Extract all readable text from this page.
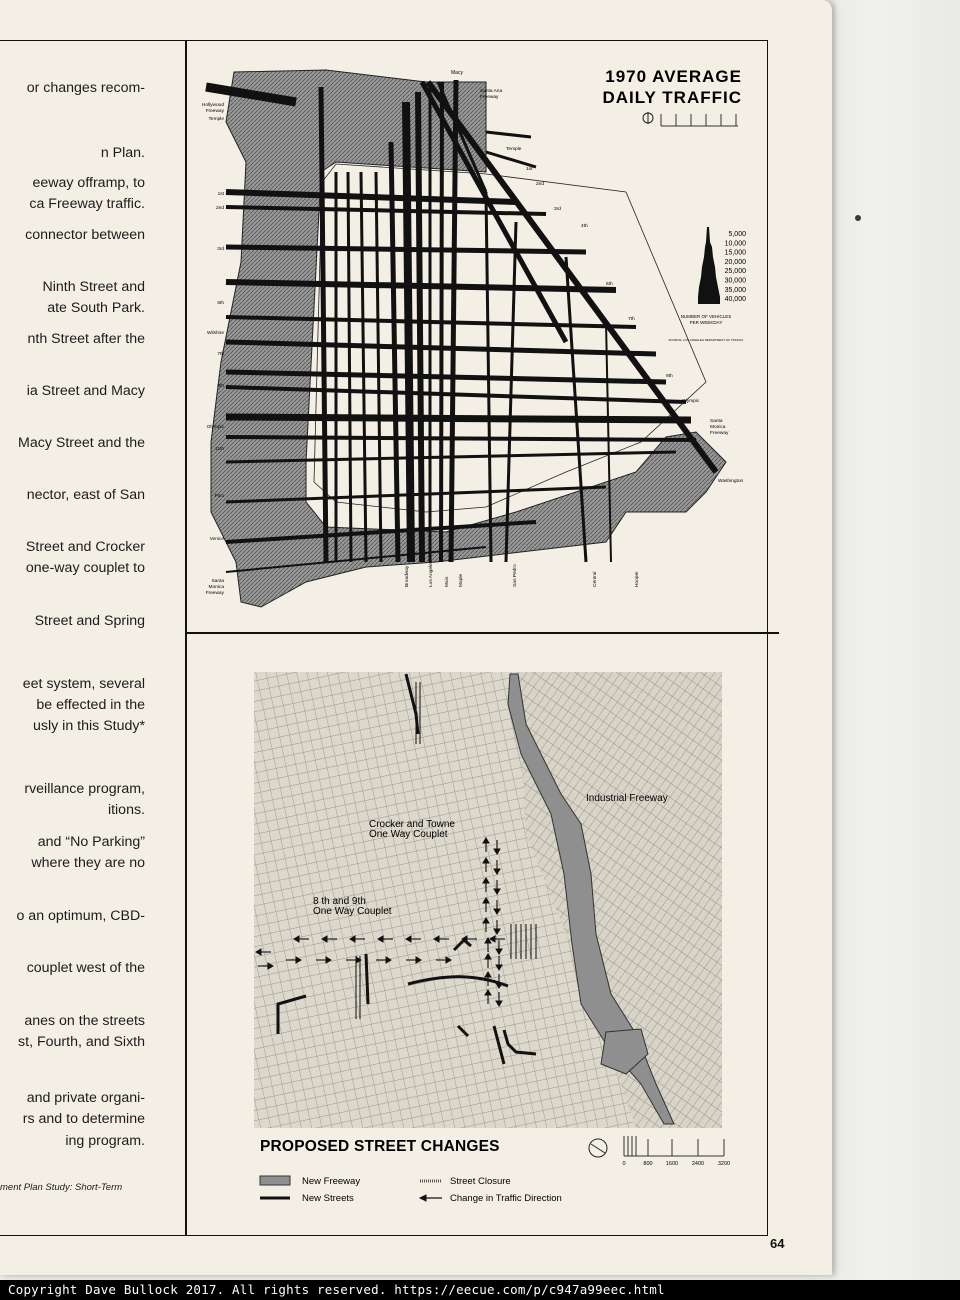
or changes recom-
n Plan.
eeway offramp, to
ca Freeway traffic.
connector between
Ninth Street and
ate South Park.
nth Street after the
ia Street and Macy
Macy Street and the
nector, east of San
Street and Crocker
one-way couplet to
Street and Spring
eet system, several
be effected in the
usly in this Study*
rveillance program,
itions.
and “No Parking”
where they are no
o an optimum, CBD-
couplet west of the
anes on the streets
st, Fourth, and Sixth
and private organi-
rs and to determine
ing program.
ment Plan Study: Short-Term
1970 AVERAGE
DAILY TRAFFIC
5,000
10,000
15,000
20,000
25,000
30,000
35,000
40,000
NUMBER OF VEHICLES
PER WEEKDAY
SOURCE: LOS ANGELES DEPARTMENT OF TRAFFIC
Macy
Hollywood
Freeway
Temple
1st
2nd
3rd
6th
Wilshire
7th
9th
Olympic
11th
Pico
Venice
Santa
Monica
Freeway
Santa Ana
Freeway
Temple
1st
2nd
3rd
4th
6th
7th
9th
Olympic
Santa
Monica
Freeway
Washington
Broadway	Los Angeles Main Maple	San Pedro	Central	Hooper
Industrial Freeway
Crocker and Towne
One Way Couplet
8 th and 9th
One Way Couplet
PROPOSED STREET CHANGES
0	800 1600	2400	3200
New Freeway
New Streets
Street Closure
Change in Traffic Direction
64
Copyright Dave Bullock 2017. All rights reserved. https://eecue.com/p/c947a99eec.html
